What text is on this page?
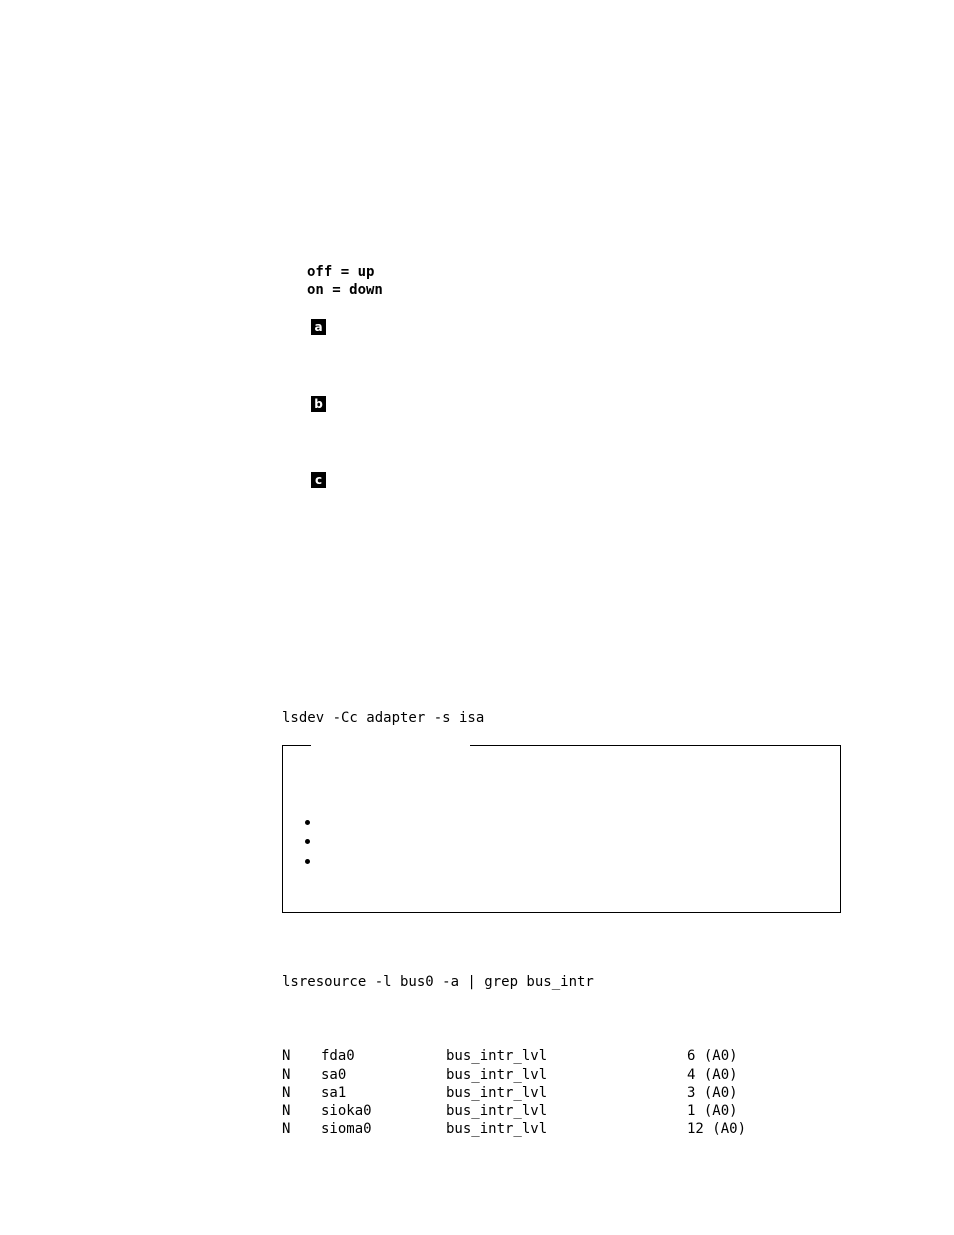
off = up
on = down
a
b
c
lsdev -Cc adapter -s isa
lsresource -l bus0 -a | grep bus_intr
N fda0	bus_intr_lvl	6 (A0)
N sa0	bus_intr_lvl	4 (A0)
N sa1	bus_intr_lvl	3 (A0)
N sioka0	bus_intr_lvl	1 (A0)
N sioma0	bus_intr_lvl	12 (A0)
